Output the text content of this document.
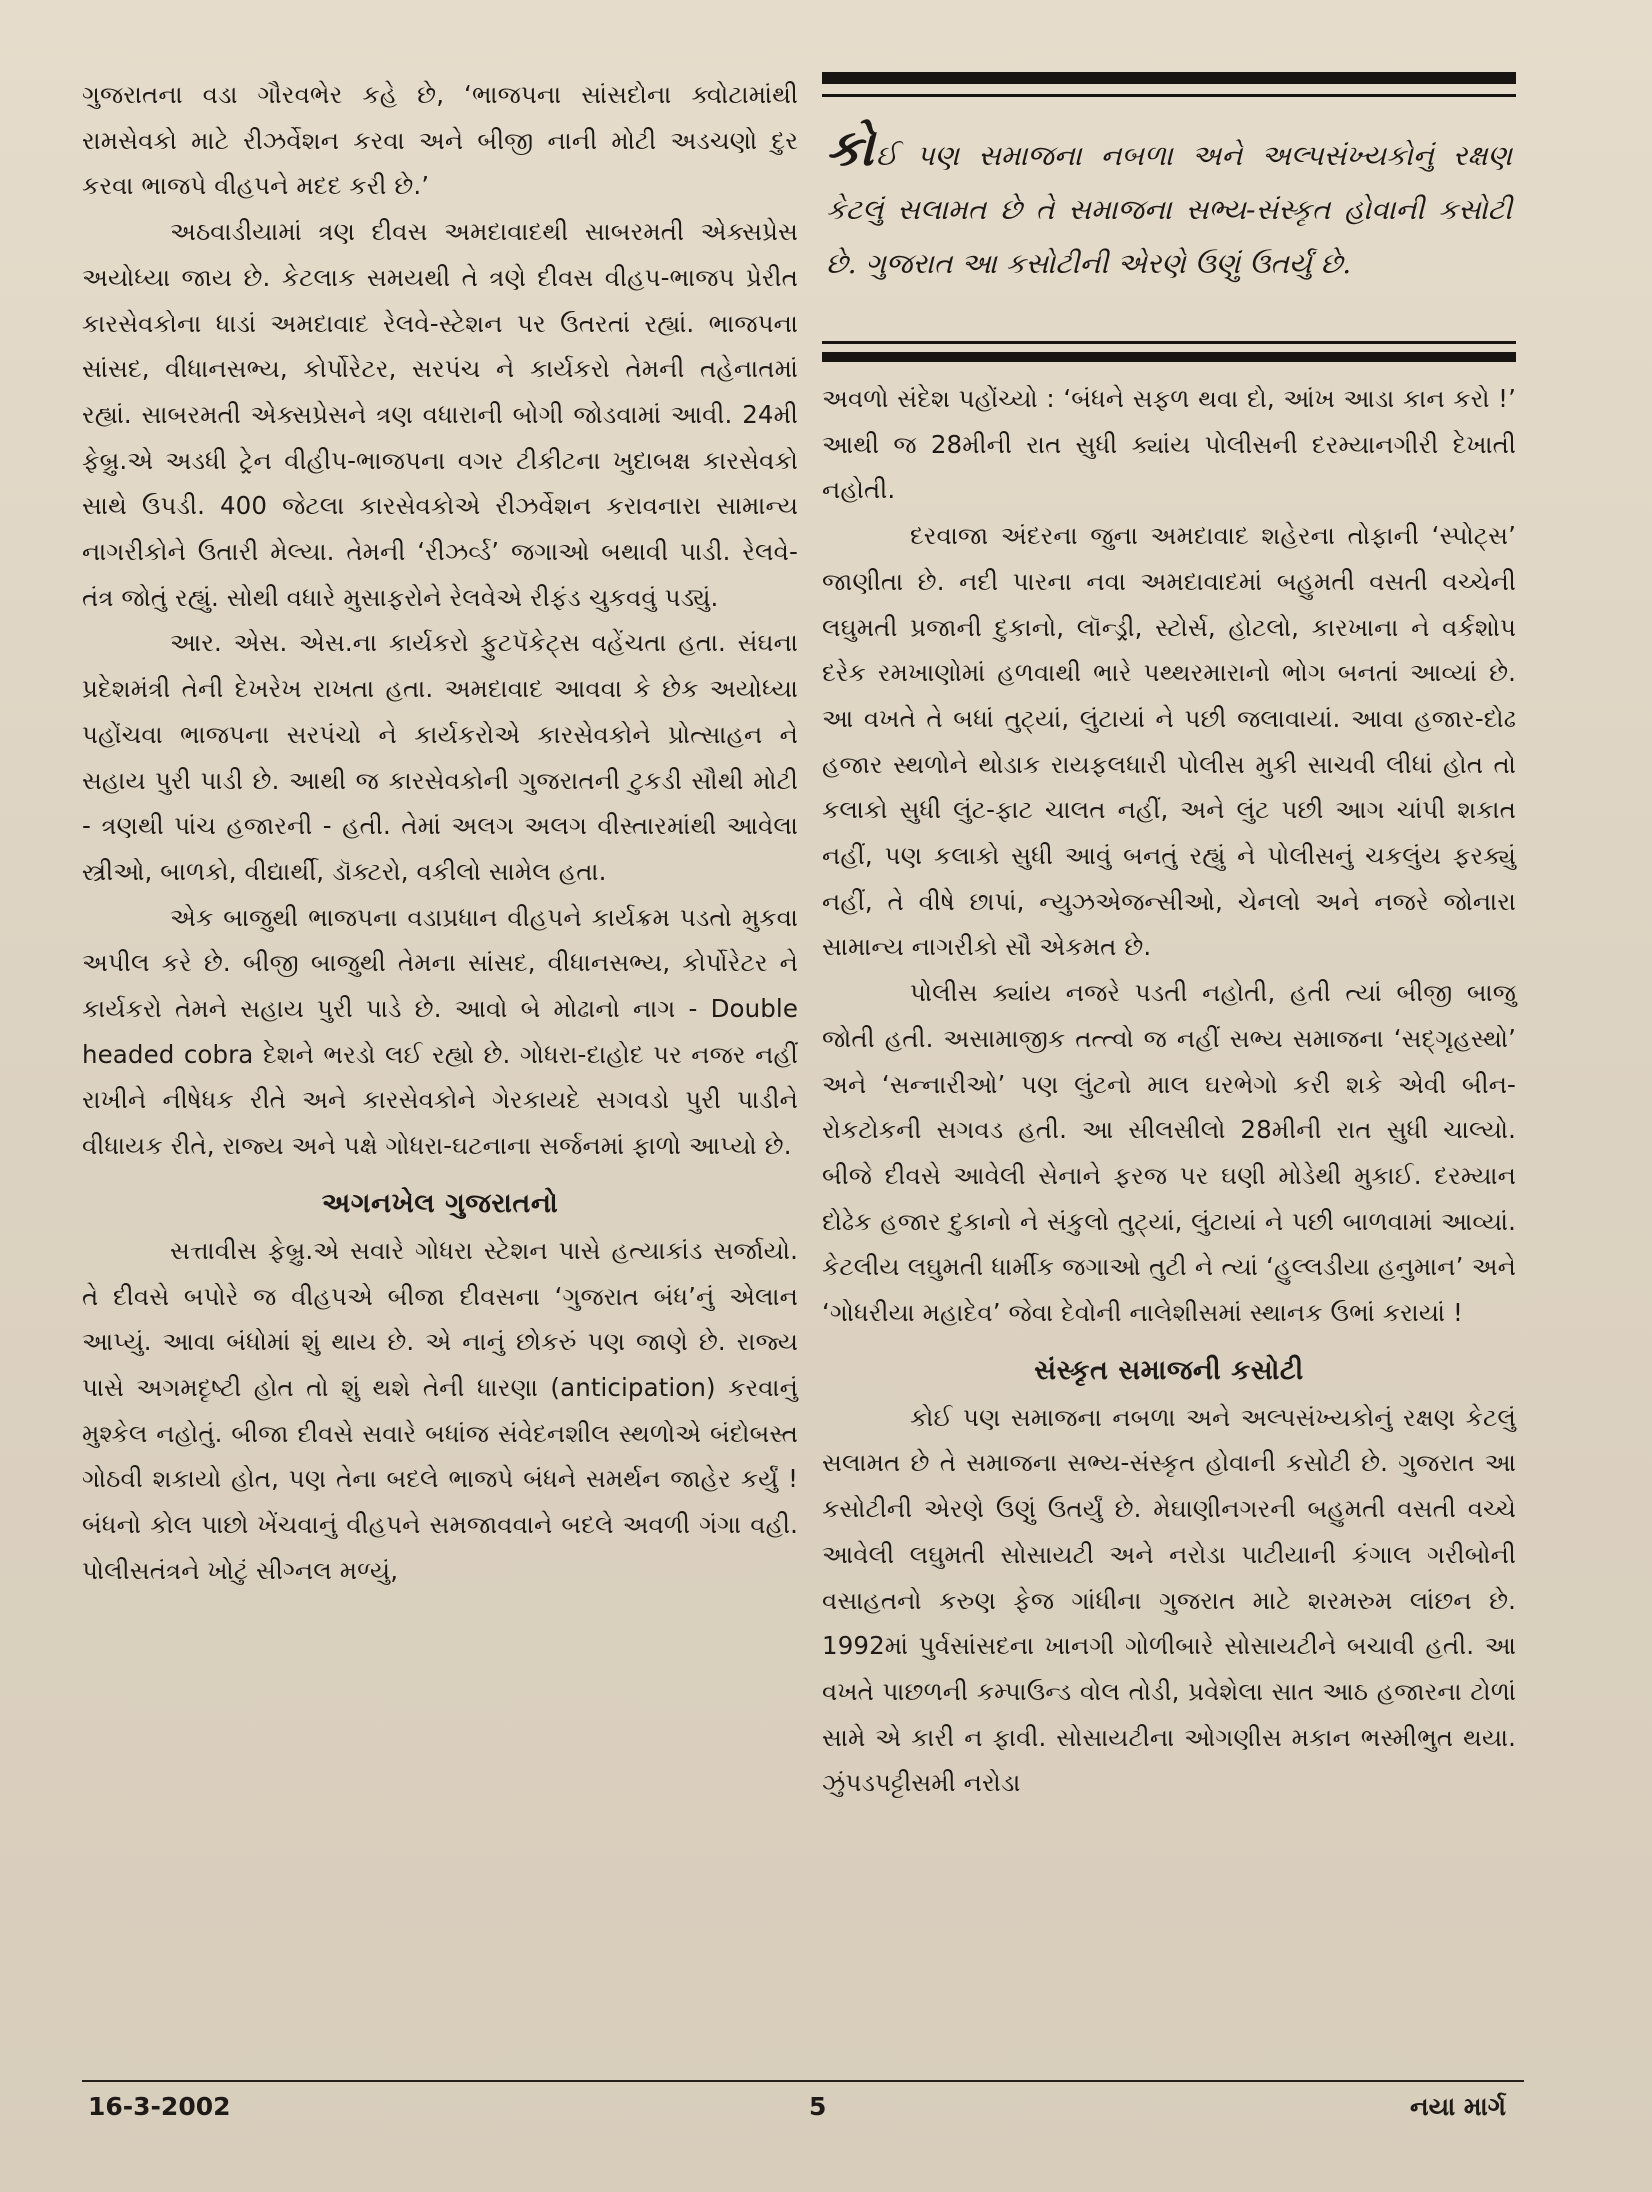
ગુજરાતના વડા ગૌરવભેર કહે છે, ‘ભાજપના સાંસદોના ક્વોટામાંથી રામસેવકો માટે રીઝર્વેશન કરવા અને બીજી નાની મોટી અડચણો દુર કરવા ભાજપે વીહપને મદદ કરી છે.’

અઠવાડીયામાં ત્રણ દીવસ અમદાવાદથી સાબરમતી એક્સપ્રેસ અયોધ્યા જાય છે. કેટલાક સમયથી તે ત્રણે દીવસ વીહપ-ભાજપ પ્રેરીત કારસેવકોના ધાડાં અમદાવાદ રેલવે-સ્ટેશન પર ઉતરતાં રહ્યાં. ભાજપના સાંસદ, વીધાનસભ્ય, કોર્પોરેટર, સરપંચ ને કાર્યકરો તેમની તહેનાતમાં રહ્યાં. સાબરમતી એક્સપ્રેસને ત્રણ વધારાની બોગી જોડવામાં આવી. 24મી ફેબ્રુ.એ અડધી ટ્રેન વીહીપ-ભાજપના વગર ટીકીટના ખુદાબક્ષ કારસેવકો સાથે ઉપડી. 400 જેટલા કારસેવકોએ રીઝર્વેશન કરાવનારા સામાન્ય નાગરીકોને ઉતારી મેલ્યા. તેમની ‘રીઝર્વ્ડ’ જગાઓ બથાવી પાડી. રેલવે-તંત્ર જોતું રહ્યું. સોથી વધારે મુસાફરોને રેલવેએ રીફંડ ચુકવવું પડ્યું.

આર. એસ. એસ.ના કાર્યકરો ફુટપૅકેટ્સ વહેંચતા હતા. સંઘના પ્રદેશમંત્રી તેની દેખરેખ રાખતા હતા. અમદાવાદ આવવા કે છેક અયોધ્યા પહોંચવા ભાજપના સરપંચો ને કાર્યકરોએ કારસેવકોને પ્રોત્સાહન ને સહાય પુરી પાડી છે. આથી જ કારસેવકોની ગુજરાતની ટુકડી સૌથી મોટી - ત્રણથી પાંચ હજારની - હતી. તેમાં અલગ અલગ વીસ્તારમાંથી આવેલા સ્ત્રીઓ, બાળકો, વીદ્યાર્થી, ડૉક્ટરો, વકીલો સામેલ હતા.

એક બાજુથી ભાજપના વડાપ્રધાન વીહપને કાર્યક્રમ પડતો મુકવા અપીલ કરે છે. બીજી બાજુથી તેમના સાંસદ, વીધાનસભ્ય, કોર્પોરેટર ને કાર્યકરો તેમને સહાય પુરી પાડે છે. આવો બે મોઢાનો નાગ - Double headed cobra દેશને ભરડો લઈ રહ્યો છે. ગોધરા-દાહોદ પર નજર નહીં રાખીને નીષેધક રીતે અને કારસેવકોને ગેરકાયદે સગવડો પુરી પાડીને વીધાયક રીતે, રાજ્ય અને પક્ષે ગોધરા-ઘટનાના સર્જનમાં ફાળો આપ્યો છે.

અગનખેલ ગુજરાતનો

સત્તાવીસ ફેબ્રુ.એ સવારે ગોધરા સ્ટેશન પાસે હત્યાકાંડ સર્જાયો. તે દીવસે બપોરે જ વીહપએ બીજા દીવસના ‘ગુજરાત બંધ’નું એલાન આપ્યું. આવા બંધોમાં શું થાય છે. એ નાનું છોકરું પણ જાણે છે. રાજ્ય પાસે અગમદૃષ્ટી હોત તો શું થશે તેની ધારણા (anticipation) કરવાનું મુશ્કેલ નહોતું. બીજા દીવસે સવારે બધાંજ સંવેદનશીલ સ્થળોએ બંદોબસ્ત ગોઠવી શકાયો હોત, પણ તેના બદલે ભાજપે બંધને સમર્થન જાહેર કર્યું ! બંધનો કોલ પાછો ખેંચવાનું વીહપને સમજાવવાને બદલે અવળી ગંગા વહી. પોલીસતંત્રને ખોટું સીગ્નલ મળ્યું,

કોઈ પણ સમાજના નબળા અને અલ્પસંખ્યકોનું રક્ષણ કેટલું સલામત છે તે સમાજના સભ્ય-સંસ્કૃત હોવાની કસોટી છે. ગુજરાત આ કસોટીની એરણે ઉણું ઉતર્યું છે.

અવળો સંદેશ પહોંચ્યો : ‘બંધને સફળ થવા દો, આંખ આડા કાન કરો !’ આથી જ 28મીની રાત સુધી ક્યાંય પોલીસની દરમ્યાનગીરી દેખાતી નહોતી.

દરવાજા અંદરના જુના અમદાવાદ શહેરના તોફાની ‘સ્પોટ્સ’ જાણીતા છે. નદી પારના નવા અમદાવાદમાં બહુમતી વસતી વચ્ચેની લઘુમતી પ્રજાની દુકાનો, લૉન્ડ્રી, સ્ટોર્સ, હોટલો, કારખાના ને વર્કશોપ દરેક રમખાણોમાં હળવાથી ભારે પથ્થરમારાનો ભોગ બનતાં આવ્યાં છે. આ વખતે તે બધાં તુટ્યાં, લુંટાયાં ને પછી જલાવાયાં. આવા હજાર-દોઢ હજાર સ્થળોને થોડાક રાયફલધારી પોલીસ મુકી સાચવી લીધાં હોત તો કલાકો સુધી લુંટ-ફાટ ચાલત નહીં, અને લુંટ પછી આગ ચાંપી શકાત નહીં, પણ કલાકો સુધી આવું બનતું રહ્યું ને પોલીસનું ચકલુંય ફરક્યું નહીં, તે વીષે છાપાં, ન્યુઝએજન્સીઓ, ચેનલો અને નજરે જોનારા સામાન્ય નાગરીકો સૌ એકમત છે.

પોલીસ ક્યાંય નજરે પડતી નહોતી, હતી ત્યાં બીજી બાજુ જોતી હતી. અસામાજીક તત્ત્વો જ નહીં સભ્ય સમાજના ‘સદ્ગૃહસ્થો’ અને ‘સન્નારીઓ’ પણ લુંટનો માલ ઘરભેગો કરી શકે એવી બીન-રોકટોકની સગવડ હતી. આ સીલસીલો 28મીની રાત સુધી ચાલ્યો. બીજે દીવસે આવેલી સેનાને ફરજ પર ઘણી મોડેથી મુકાઈ. દરમ્યાન દોઢેક હજાર દુકાનો ને સંકુલો તુટ્યાં, લુંટાયાં ને પછી બાળવામાં આવ્યાં. કેટલીય લઘુમતી ધાર્મીક જગાઓ તુટી ને ત્યાં ‘હુલ્લડીયા હનુમાન’ અને ‘ગોધરીયા મહાદેવ’ જેવા દેવોની નાલેશીસમાં સ્થાનક ઉભાં કરાયાં !

સંસ્કૃત સમાજની કસોટી

કોઈ પણ સમાજના નબળા અને અલ્પસંખ્યકોનું રક્ષણ કેટલું સલામત છે તે સમાજના સભ્ય-સંસ્કૃત હોવાની કસોટી છે. ગુજરાત આ કસોટીની એરણે ઉણું ઉતર્યું છે. મેઘાણીનગરની બહુમતી વસતી વચ્ચે આવેલી લઘુમતી સોસાયટી અને નરોડા પાટીયાની કંગાલ ગરીબોની વસાહતનો કરુણ ફેજ ગાંધીના ગુજરાત માટે શરમરુમ લાંછન છે. 1992માં પુર્વસાંસદના ખાનગી ગોળીબારે સોસાયટીને બચાવી હતી. આ વખતે પાછળની કમ્પાઉન્ડ વોલ તોડી, પ્રવેશેલા સાત આઠ હજારના ટોળાં સામે એ કારી ન ફાવી. સોસાયટીના ઓગણીસ મકાન ભસ્મીભુત થયા. ઝુંપડપટ્ટીસમી નરોડા

16-3-2002	5	નયા માર્ગ
